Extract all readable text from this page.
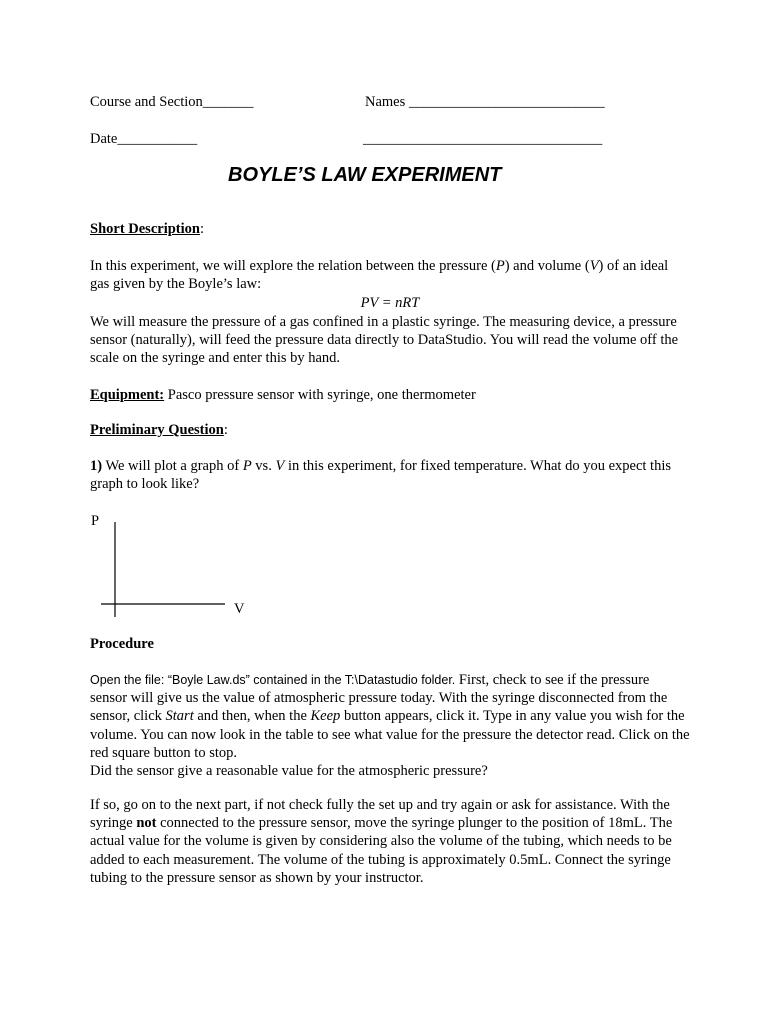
Course and Section_______	Names ___________________________
Date___________	_________________________________
BOYLE’S LAW EXPERIMENT
Short Description:
In this experiment, we will explore the relation between the pressure (P) and volume (V) of an ideal gas given by the Boyle’s law:
PV = nRT
We will measure the pressure of a gas confined in a plastic syringe. The measuring device, a pressure sensor (naturally), will feed the pressure data directly to DataStudio. You will read the volume off the scale on the syringe and enter this by hand.
Equipment: Pasco pressure sensor with syringe, one thermometer
Preliminary Question:
1) We will plot a graph of P vs. V in this experiment, for fixed temperature. What do you expect this graph to look like?
P
V
Procedure
Open the file: “Boyle Law.ds” contained in the T:\Datastudio folder. First, check to see if the pressure sensor will give us the value of atmospheric pressure today. With the syringe disconnected from the sensor, click Start and then, when the Keep button appears, click it. Type in any value you wish for the volume. You can now look in the table to see what value for the pressure the detector read. Click on the red square button to stop.
Did the sensor give a reasonable value for the atmospheric pressure?
If so, go on to the next part, if not check fully the set up and try again or ask for assistance. With the syringe not connected to the pressure sensor, move the syringe plunger to the position of 18mL. The actual value for the volume is given by considering also the volume of the tubing, which needs to be added to each measurement. The volume of the tubing is approximately 0.5mL. Connect the syringe tubing to the pressure sensor as shown by your instructor.
